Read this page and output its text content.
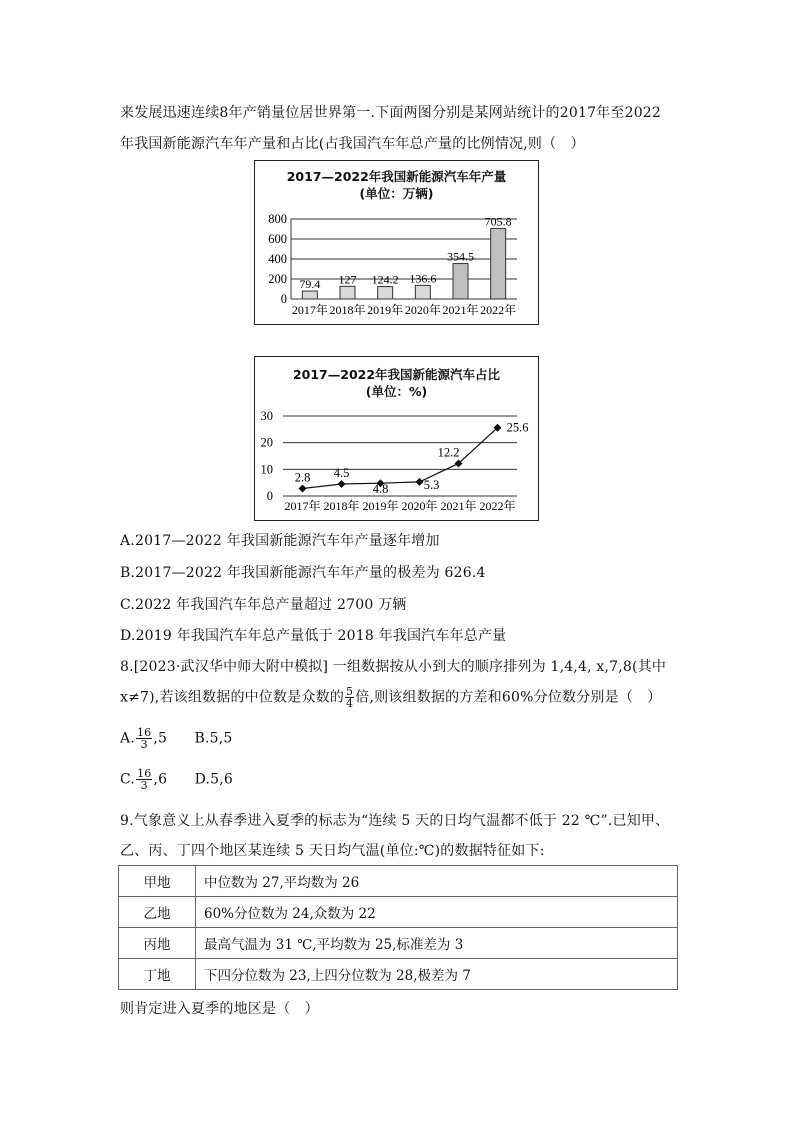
来发展迅速连续8年产销量位居世界第一.下面两图分别是某网站统计的2017年至2022
年我国新能源汽车年产量和占比(占我国汽车年总产量的比例情况,则（　）
2017—2022年我国新能源汽车年产量
(单位：万辆)
0
200
400
600
800
79.4
2017年
127
2018年
124.2
2019年
136.6
2020年
354.5
2021年
705.8
2022年
2017—2022年我国新能源汽车占比
(单位：%)
0
10
20
30
2.8
2017年
4.5
2018年
4.8
2019年
5.3
2020年
12.2
2021年
25.6
2022年
A.2017—2022 年我国新能源汽车年产量逐年增加
B.2017—2022 年我国新能源汽车年产量的极差为 626.4
C.2022 年我国汽车年总产量超过 2700 万辆
D.2019 年我国汽车年总产量低于 2018 年我国汽车年总产量
8.[2023·武汉华中师大附中模拟] 一组数据按从小到大的顺序排列为 1,4,4, x,7,8(其中
x≠7),若该组数据的中位数是众数的 $\frac{5}{4}$ 倍,则该组数据的方差和60%分位数分别是（　）
A. $\frac{16}{3} ,5$ B.5,5
C. $\frac{16}{3} ,6$ D.5,6
9.气象意义上从春季进入夏季的标志为“连续 5 天的日均气温都不低于 22 ℃”.已知甲、
乙、丙、丁四个地区某连续 5 天日均气温(单位:℃)的数据特征如下:
甲地	中位数为 27,平均数为 26
乙地	60%分位数为 24,众数为 22
丙地	最高气温为 31 ℃,平均数为 25,标准差为 3
丁地	下四分位数为 23,上四分位数为 28,极差为 7
则肯定进入夏季的地区是（　）
